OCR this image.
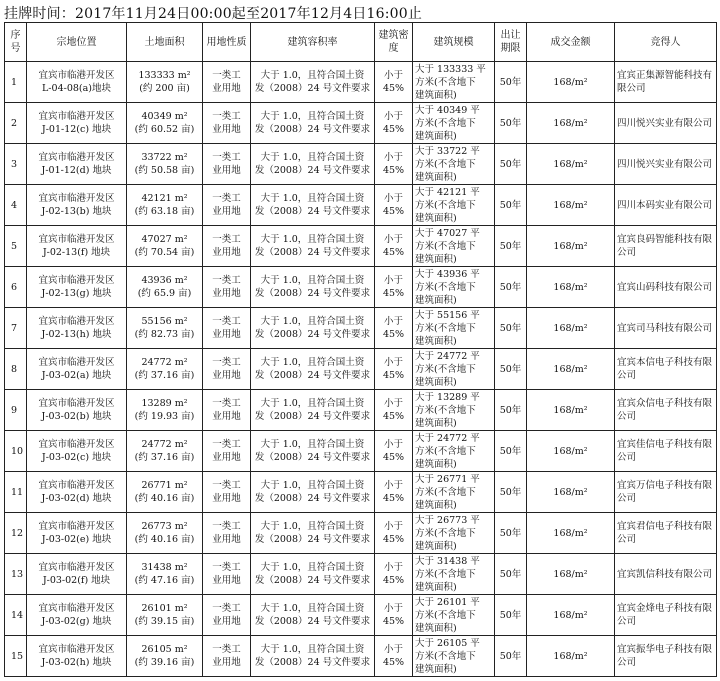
挂牌时间：2017年11月24日00:00起至2017年12月4日16:00止
序号	宗地位置	土地面积	用地性质	建筑容积率	建筑密度	建筑规模	出让期限	成交金额	竞得人

1	宜宾市临港开发区
L-04-08(a)地块	133333 m²
(约 200 亩)	一类工
业用地	大于 1.0，且符合国土资
发（2008）24 号文件要求	小于
45%	大于 133333 平
方米(不含地下
建筑面积)	50年	168/m²	宜宾正集源智能科技有限公司

2	宜宾市临港开发区
J-01-12(c) 地块	40349 m²
(约 60.52 亩)	一类工
业用地	大于 1.0，且符合国土资
发（2008）24 号文件要求	小于
45%	大于 40349 平
方米(不含地下
建筑面积)	50年	168/m²	四川悦兴实业有限公司

3	宜宾市临港开发区
J-01-12(d) 地块	33722 m²
(约 50.58 亩)	一类工
业用地	大于 1.0，且符合国土资
发（2008）24 号文件要求	小于
45%	大于 33722 平
方米(不含地下
建筑面积)	50年	168/m²	四川悦兴实业有限公司

4	宜宾市临港开发区
J-02-13(b) 地块	42121 m²
(约 63.18 亩)	一类工
业用地	大于 1.0，且符合国土资
发（2008）24 号文件要求	小于
45%	大于 42121 平
方米(不含地下
建筑面积)	50年	168/m²	四川本码实业有限公司

5	宜宾市临港开发区
J-02-13(f) 地块	47027 m²
(约 70.54 亩)	一类工
业用地	大于 1.0，且符合国土资
发（2008）24 号文件要求	小于
45%	大于 47027 平
方米(不含地下
建筑面积)	50年	168/m²	宜宾良码智能科技有限公司

6	宜宾市临港开发区
J-02-13(g) 地块	43936 m²
(约 65.9 亩)	一类工
业用地	大于 1.0，且符合国土资
发（2008）24 号文件要求	小于
45%	大于 43936 平
方米(不含地下
建筑面积)	50年	168/m²	宜宾山码科技有限公司

7	宜宾市临港开发区
J-02-13(h) 地块	55156 m²
(约 82.73 亩)	一类工
业用地	大于 1.0，且符合国土资
发（2008）24 号文件要求	小于
45%	大于 55156 平
方米(不含地下
建筑面积)	50年	168/m²	宜宾司马科技有限公司

8	宜宾市临港开发区
J-03-02(a) 地块	24772 m²
(约 37.16 亩)	一类工
业用地	大于 1.0，且符合国土资
发（2008）24 号文件要求	小于
45%	大于 24772 平
方米(不含地下
建筑面积)	50年	168/m²	宜宾本信电子科技有限公司

9	宜宾市临港开发区
J-03-02(b) 地块	13289 m²
(约 19.93 亩)	一类工
业用地	大于 1.0，且符合国土资
发（2008）24 号文件要求	小于
45%	大于 13289 平
方米(不含地下
建筑面积)	50年	168/m²	宜宾众信电子科技有限公司

10	宜宾市临港开发区
J-03-02(c) 地块	24772 m²
(约 37.16 亩)	一类工
业用地	大于 1.0，且符合国土资
发（2008）24 号文件要求	小于
45%	大于 24772 平
方米(不含地下
建筑面积)	50年	168/m²	宜宾佳信电子科技有限公司

11	宜宾市临港开发区
J-03-02(d) 地块	26771 m²
(约 40.16 亩)	一类工
业用地	大于 1.0，且符合国土资
发（2008）24 号文件要求	小于
45%	大于 26771 平
方米(不含地下
建筑面积)	50年	168/m²	宜宾万信电子科技有限公司

12	宜宾市临港开发区
J-03-02(e) 地块	26773 m²
(约 40.16 亩)	一类工
业用地	大于 1.0，且符合国土资
发（2008）24 号文件要求	小于
45%	大于 26773 平
方米(不含地下
建筑面积)	50年	168/m²	宜宾君信电子科技有限公司

13	宜宾市临港开发区
J-03-02(f) 地块	31438 m²
(约 47.16 亩)	一类工
业用地	大于 1.0，且符合国土资
发（2008）24 号文件要求	小于
45%	大于 31438 平
方米(不含地下
建筑面积)	50年	168/m²	宜宾凯信科技有限公司

14	宜宾市临港开发区
J-03-02(g) 地块	26101 m²
(约 39.15 亩)	一类工
业用地	大于 1.0，且符合国土资
发（2008）24 号文件要求	小于
45%	大于 26101 平
方米(不含地下
建筑面积)	50年	168/m²	宜宾金烽电子科技有限公司

15	宜宾市临港开发区
J-03-02(h) 地块	26105 m²
(约 39.16 亩)	一类工
业用地	大于 1.0，且符合国土资
发（2008）24 号文件要求	小于
45%	大于 26105 平
方米(不含地下
建筑面积)	50年	168/m²	宜宾振华电子科技有限公司
